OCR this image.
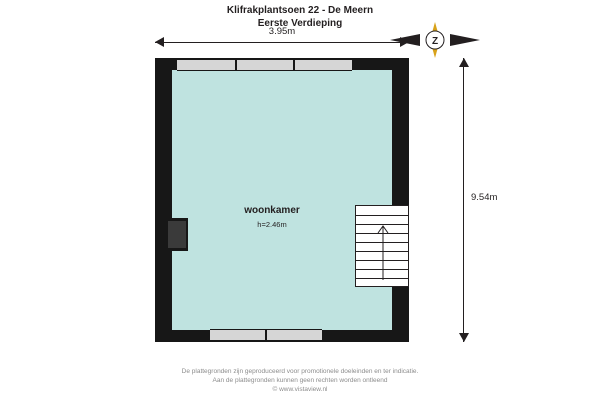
Klifrakplantsoen 22 - De Meern
Eerste Verdieping
Z
3.95m
9.54m
woonkamer
h=2.46m
De plattegronden zijn geproduceerd voor promotionele doeleinden en ter indicatie.
Aan de plattegronden kunnen geen rechten worden ontleend
© www.vistaview.nl
